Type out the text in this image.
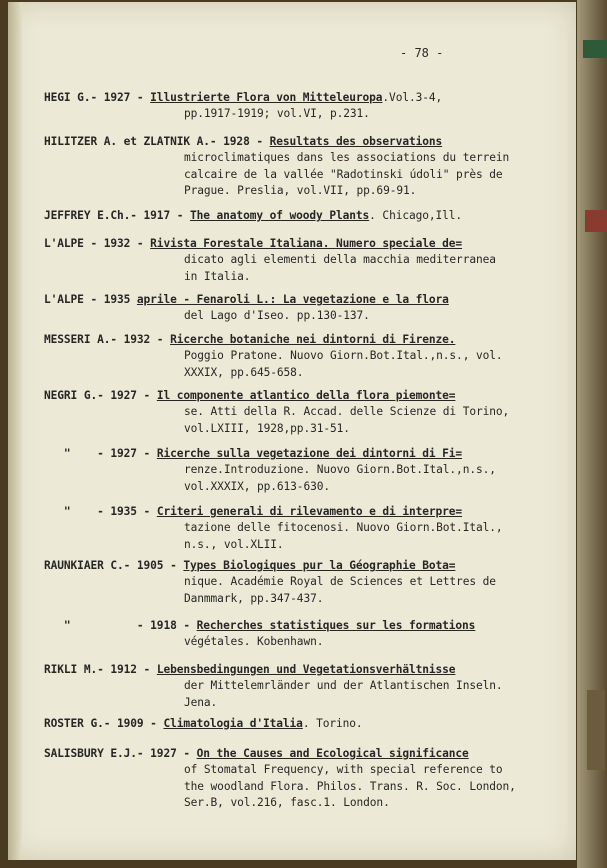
- 78 -
HEGI G.- 1927 - Illustrierte Flora von Mitteleuropa.Vol.3-4,
pp.1917-1919; vol.VI, p.231.
HILITZER A. et ZLATNIK A.- 1928 - Resultats des observations
microclimatiques dans les associations du terrein
calcaire de la vallée "Radotinski údoli" près de
Prague. Preslia, vol.VII, pp.69-91.
JEFFREY E.Ch.- 1917 - The anatomy of woody Plants. Chicago,Ill.
L'ALPE - 1932 - Rivista Forestale Italiana. Numero speciale de=
dicato agli elementi della macchia mediterranea
in Italia.
L'ALPE - 1935 aprile - Fenaroli L.: La vegetazione e la flora
del Lago d'Iseo. pp.130-137.
MESSERI A.- 1932 - Ricerche botaniche nei dintorni di Firenze.
Poggio Pratone. Nuovo Giorn.Bot.Ital.,n.s., vol.
XXXIX, pp.645-658.
NEGRI G.- 1927 - Il componente atlantico della flora piemonte=
se. Atti della R. Accad. delle Scienze di Torino,
vol.LXIII, 1928,pp.31-51.
"    - 1927 - Ricerche sulla vegetazione dei dintorni di Fi=
renze.Introduzione. Nuovo Giorn.Bot.Ital.,n.s.,
vol.XXXIX, pp.613-630.
"    - 1935 - Criteri generali di rilevamento e di interpre=
tazione delle fitocenosi. Nuovo Giorn.Bot.Ital.,
n.s., vol.XLII.
RAUNKIAER C.- 1905 - Types Biologiques pur la Géographie Bota=
nique. Académie Royal de Sciences et Lettres de
Danmmark, pp.347-437.
"          - 1918 - Recherches statistiques sur les formations
végétales. Kobenhawn.
RIKLI M.- 1912 - Lebensbedingungen und Vegetationsverhältnisse
der Mittelemrländer und der Atlantischen Inseln.
Jena.
ROSTER G.- 1909 - Climatologia d'Italia. Torino.
SALISBURY E.J.- 1927 - On the Causes and Ecological significance
of Stomatal Frequency, with special reference to
the woodland Flora. Philos. Trans. R. Soc. London,
Ser.B, vol.216, fasc.1. London.
